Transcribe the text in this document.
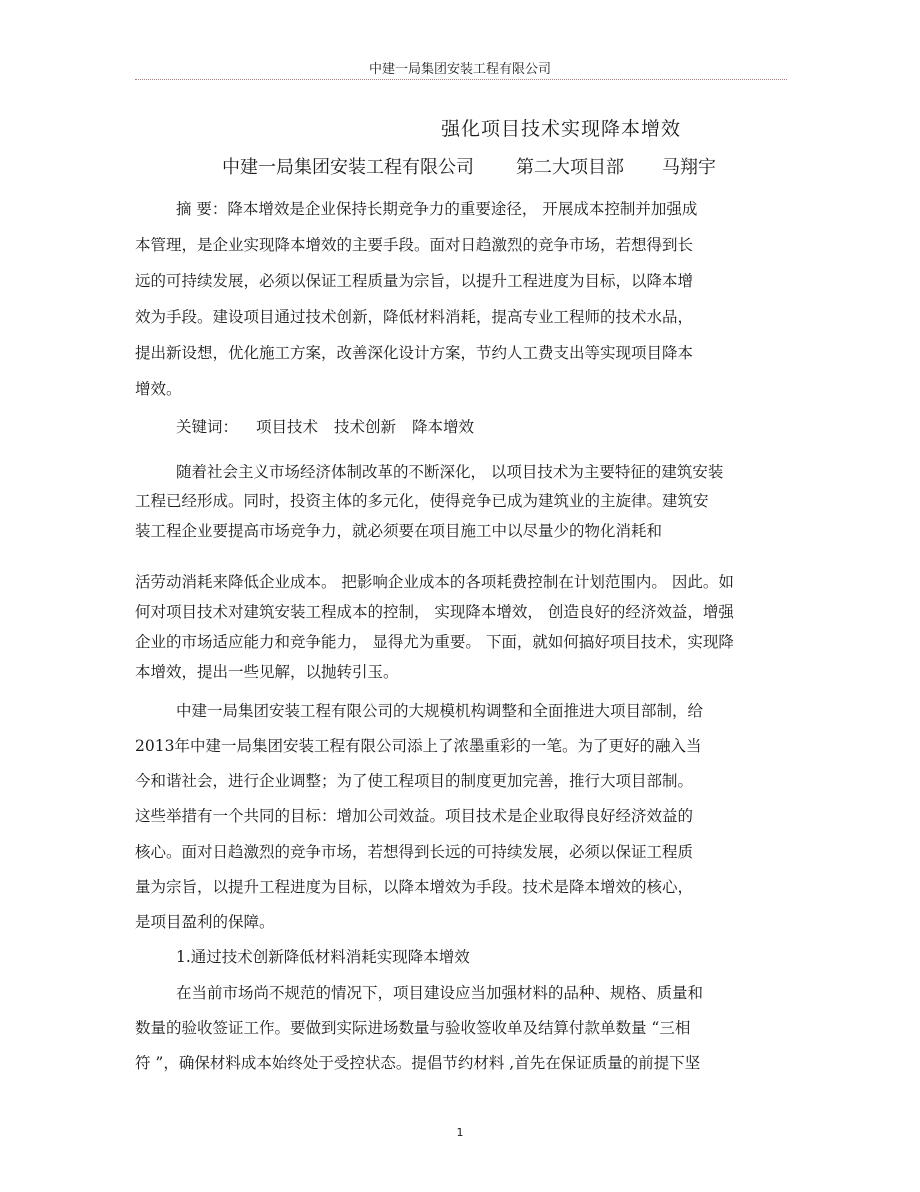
中建一局集团安装工程有限公司
强化项目技术实现降本增效
中建一局集团安装工程有限公司 第二大项目部 马翔宇
摘 要：降本增效是企业保持长期竞争力的重要途径， 开展成本控制并加强成
本管理，是企业实现降本增效的主要手段。面对日趋激烈的竞争市场，若想得到长
远的可持续发展，必须以保证工程质量为宗旨，以提升工程进度为目标，以降本增
效为手段。建设项目通过技术创新，降低材料消耗，提高专业工程师的技术水品，
提出新设想，优化施工方案，改善深化设计方案，节约人工费支出等实现项目降本
增效。
关键词： 项目技术 技术创新 降本增效
随着社会主义市场经济体制改革的不断深化， 以项目技术为主要特征的建筑安装
工程已经形成。同时，投资主体的多元化，使得竞争已成为建筑业的主旋律。建筑安
装工程企业要提高市场竞争力，就必须要在项目施工中以尽量少的物化消耗和
活劳动消耗来降低企业成本。 把影响企业成本的各项耗费控制在计划范围内。 因此。如
何对项目技术对建筑安装工程成本的控制， 实现降本增效， 创造良好的经济效益，增强
企业的市场适应能力和竞争能力， 显得尤为重要。 下面，就如何搞好项目技术，实现降
本增效，提出一些见解，以抛转引玉。
中建一局集团安装工程有限公司的大规模机构调整和全面推进大项目部制，给
2013年中建一局集团安装工程有限公司添上了浓墨重彩的一笔。为了更好的融入当
今和谐社会，进行企业调整；为了使工程项目的制度更加完善，推行大项目部制。
这些举措有一个共同的目标：增加公司效益。项目技术是企业取得良好经济效益的
核心。面对日趋激烈的竞争市场，若想得到长远的可持续发展，必须以保证工程质
量为宗旨，以提升工程进度为目标，以降本增效为手段。技术是降本增效的核心，
是项目盈利的保障。
1.通过技术创新降低材料消耗实现降本增效
在当前市场尚不规范的情况下，项目建设应当加强材料的品种、规格、质量和
数量的验收签证工作。要做到实际进场数量与验收签收单及结算付款单数量 “三相
符 ”，确保材料成本始终处于受控状态。提倡节约材料 ,首先在保证质量的前提下坚
1
